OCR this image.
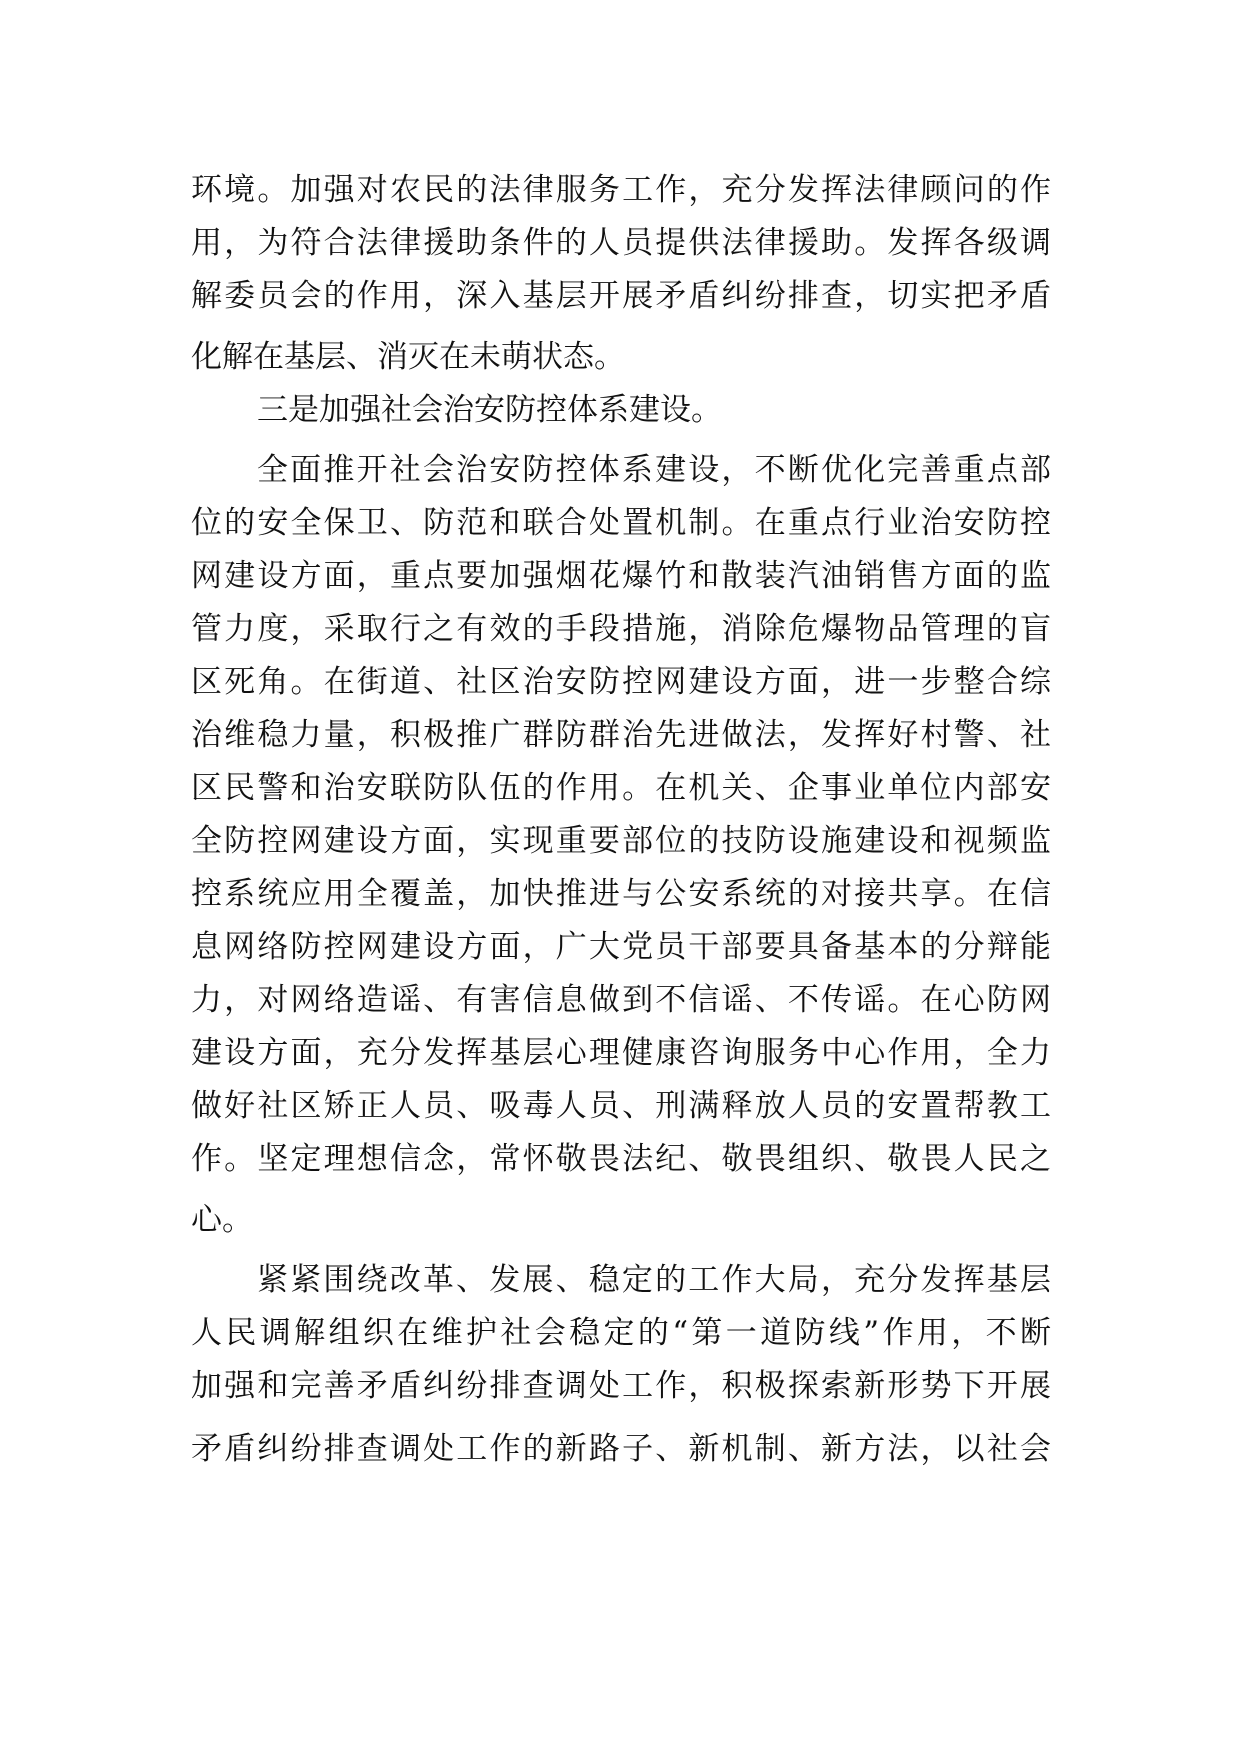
环境。加强对农民的法律服务工作，充分发挥法律顾问的作

用，为符合法律援助条件的人员提供法律援助。发挥各级调

解委员会的作用，深入基层开展矛盾纠纷排查，切实把矛盾

化解在基层、消灭在未萌状态。

三是加强社会治安防控体系建设。

全面推开社会治安防控体系建设，不断优化完善重点部

位的安全保卫、防范和联合处置机制。在重点行业治安防控

网建设方面，重点要加强烟花爆竹和散装汽油销售方面的监

管力度，采取行之有效的手段措施，消除危爆物品管理的盲

区死角。在街道、社区治安防控网建设方面，进一步整合综

治维稳力量，积极推广群防群治先进做法，发挥好村警、社

区民警和治安联防队伍的作用。在机关、企事业单位内部安

全防控网建设方面，实现重要部位的技防设施建设和视频监

控系统应用全覆盖，加快推进与公安系统的对接共享。在信

息网络防控网建设方面，广大党员干部要具备基本的分辩能

力，对网络造谣、有害信息做到不信谣、不传谣。在心防网

建设方面，充分发挥基层心理健康咨询服务中心作用，全力

做好社区矫正人员、吸毒人员、刑满释放人员的安置帮教工

作。坚定理想信念，常怀敬畏法纪、敬畏组织、敬畏人民之

心。

紧紧围绕改革、发展、稳定的工作大局，充分发挥基层

人民调解组织在维护社会稳定的“第一道防线”作用，不断

加强和完善矛盾纠纷排查调处工作，积极探索新形势下开展

矛盾纠纷排查调处工作的新路子、新机制、新方法，以社会
